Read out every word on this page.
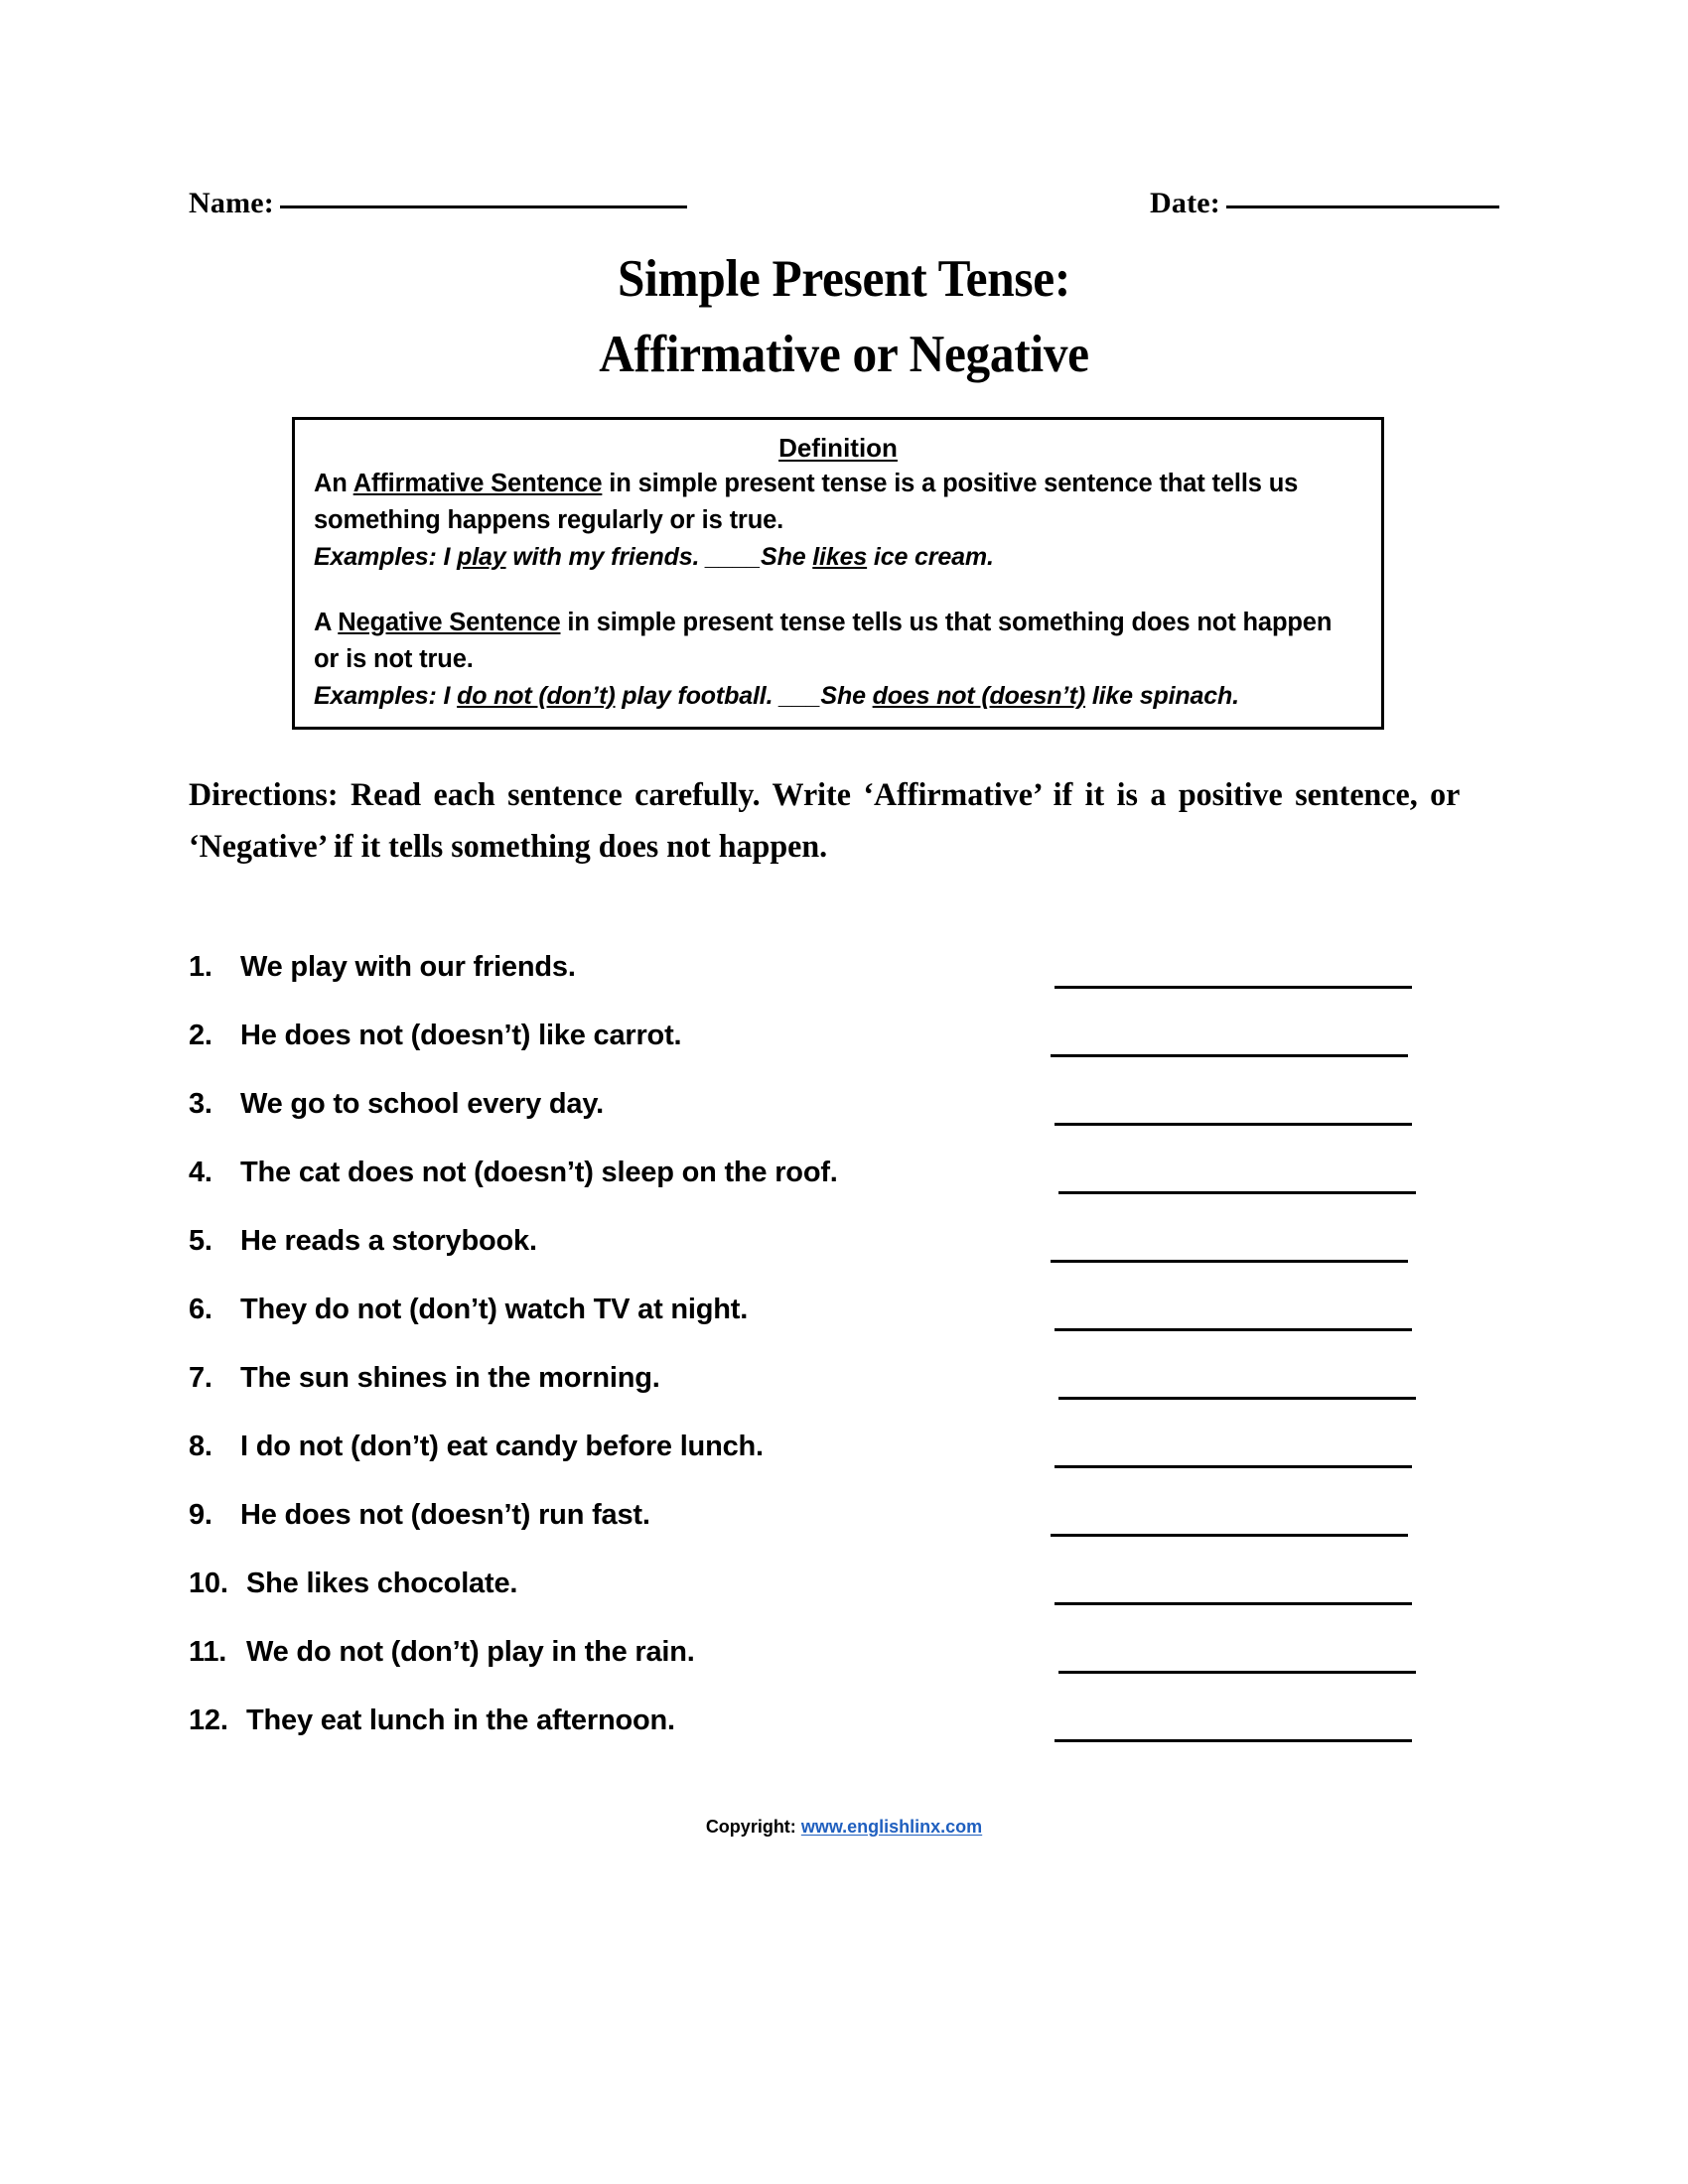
Name:	Date:
Simple Present Tense:
Affirmative or Negative
Definition
An Affirmative Sentence in simple present tense is a positive sentence that tells us something happens regularly or is true.
Examples: I play with my friends. ____She likes ice cream.
A Negative Sentence in simple present tense tells us that something does not happen or is not true.
Examples: I do not (don’t) play football. ___She does not (doesn’t) like spinach.
Directions: Read each sentence carefully. Write ‘Affirmative’ if it is a positive sentence, or ‘Negative’ if it tells something does not happen.
1. We play with our friends.
2. He does not (doesn’t) like carrot.
3. We go to school every day.
4. The cat does not (doesn’t) sleep on the roof.
5. He reads a storybook.
6. They do not (don’t) watch TV at night.
7. The sun shines in the morning.
8. I do not (don’t) eat candy before lunch.
9. He does not (doesn’t) run fast.
10. She likes chocolate.
11. We do not (don’t) play in the rain.
12. They eat lunch in the afternoon.
Copyright: www.englishlinx.com
